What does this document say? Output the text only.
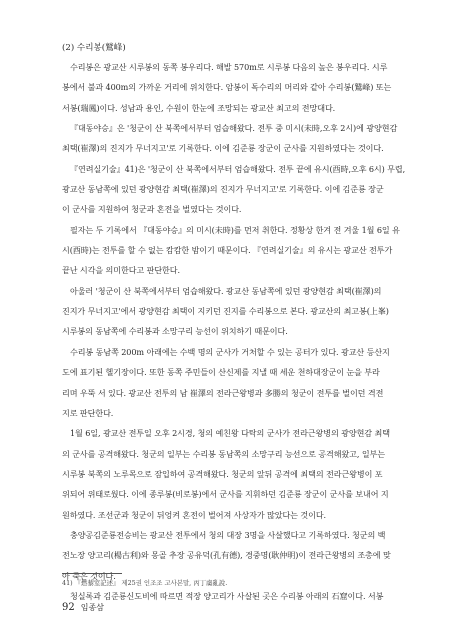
(2) 수리봉(鷲峰)
수리봉은 광교산 시루봉의 동쪽 봉우리다. 해발 570m로 시루봉 다음의 높은 봉우리다. 시루
봉에서 불과 400m의 가까운 거리에 위치한다. 암봉이 독수리의 머리와 같아 수리봉(鷲峰) 또는
서봉(瑞鳳)이다. 성남과 용인, 수원이 한눈에 조망되는 광교산 최고의 전망대다.
『대동야승』은 '청군이 산 북쪽에서부터 엄습해왔다. 전투 중 미시(未時,오후 2시)에 광양현감
최택(崔澤)의 진지가 무너지고'로 기록한다. 이에 김준룡 장군이 군사를 지원하였다는 것이다.
『연려실기술』41)은 '청군이 산 북쪽에서부터 엄습해왔다. 전투 끝에 유시(酉時,오후 6시) 무렵,
광교산 동남쪽에 있던 광양현감 최택(崔澤)의 진지가 무너지고'로 기록한다. 이에 김준룡 장군
이 군사를 지원하여 청군과 혼전을 벌였다는 것이다.
필자는 두 기록에서 『대동야승』의 미시(未時)를 먼저 취한다. 정황상 한겨 전 겨울 1월 6일 유
시(酉時)는 전투를 할 수 없는 캄캄한 밤이기 때문이다. 『연려실기술』의 유시는 광교산 전투가
끝난 시각을 의미한다고 판단한다.
아울러 '청군이 산 북쪽에서부터 엄습해왔다. 광교산 동남쪽에 있던 광양현감 최택(崔澤)의
진지가 무너지고'에서 광양현감 최택이 지키던 진지를 수리봉으로 본다. 광교산의 최고봉(上峯)
시루봉의 동남쪽에 수리봉과 소망구리 능선이 위치하기 때문이다.
수리봉 동남쪽 200m 아래에는 수백 명의 군사가 거처할 수 있는 공터가 있다. 광교산 등산지
도에 표기된 헬기장이다. 또한 동쪽 주민들이 산신제를 지낼 때 세운 천하대장군이 눈을 부라
리며 우뚝 서 있다. 광교산 전투의 남 崔澤의 전라근왕병과 多勝의 청군이 전투를 벌이던 격전
지로 판단한다.
1월 6일, 광교산 전투일 오후 2시경, 청의 예친왕 다탁의 군사가 전라근왕병의 광양현감 최택
의 군사를 공격해왔다. 청군의 일부는 수리봉 동남쪽의 소망구리 능선으로 공격해왔고, 일부는
시루봉 북쪽의 노루목으로 잠입하여 공격해왔다. 청군의 앞뒤 공격에 최택의 전라근왕병이 포
위되어 위태로웠다. 이에 종루봉(비로봉)에서 군사를 지휘하던 김준룡 장군이 군사를 보내어 지
원하였다. 조선군과 청군이 뒤엉켜 혼전이 벌어져 사상자가 많았다는 것이다.
충양공김준룡전승비는 광교산 전투에서 청의 대장 3명을 사살했다고 기록하였다. 청군의 백
전노장 양고리(楊古利)와 몽골 추장 공유덕(孔有德), 경중명(耿仲明)이 전라근왕병의 조총에 맞
아 죽은 것이다.
청실록과 김준룡신도비에 따르면 적장 양고리가 사살된 곳은 수리봉 아래의 石窟이다. 서봉
41) 『燃藜室記述』 제25권 인조조 고사본말, 丙丁虜亂說.
92 임종삼
